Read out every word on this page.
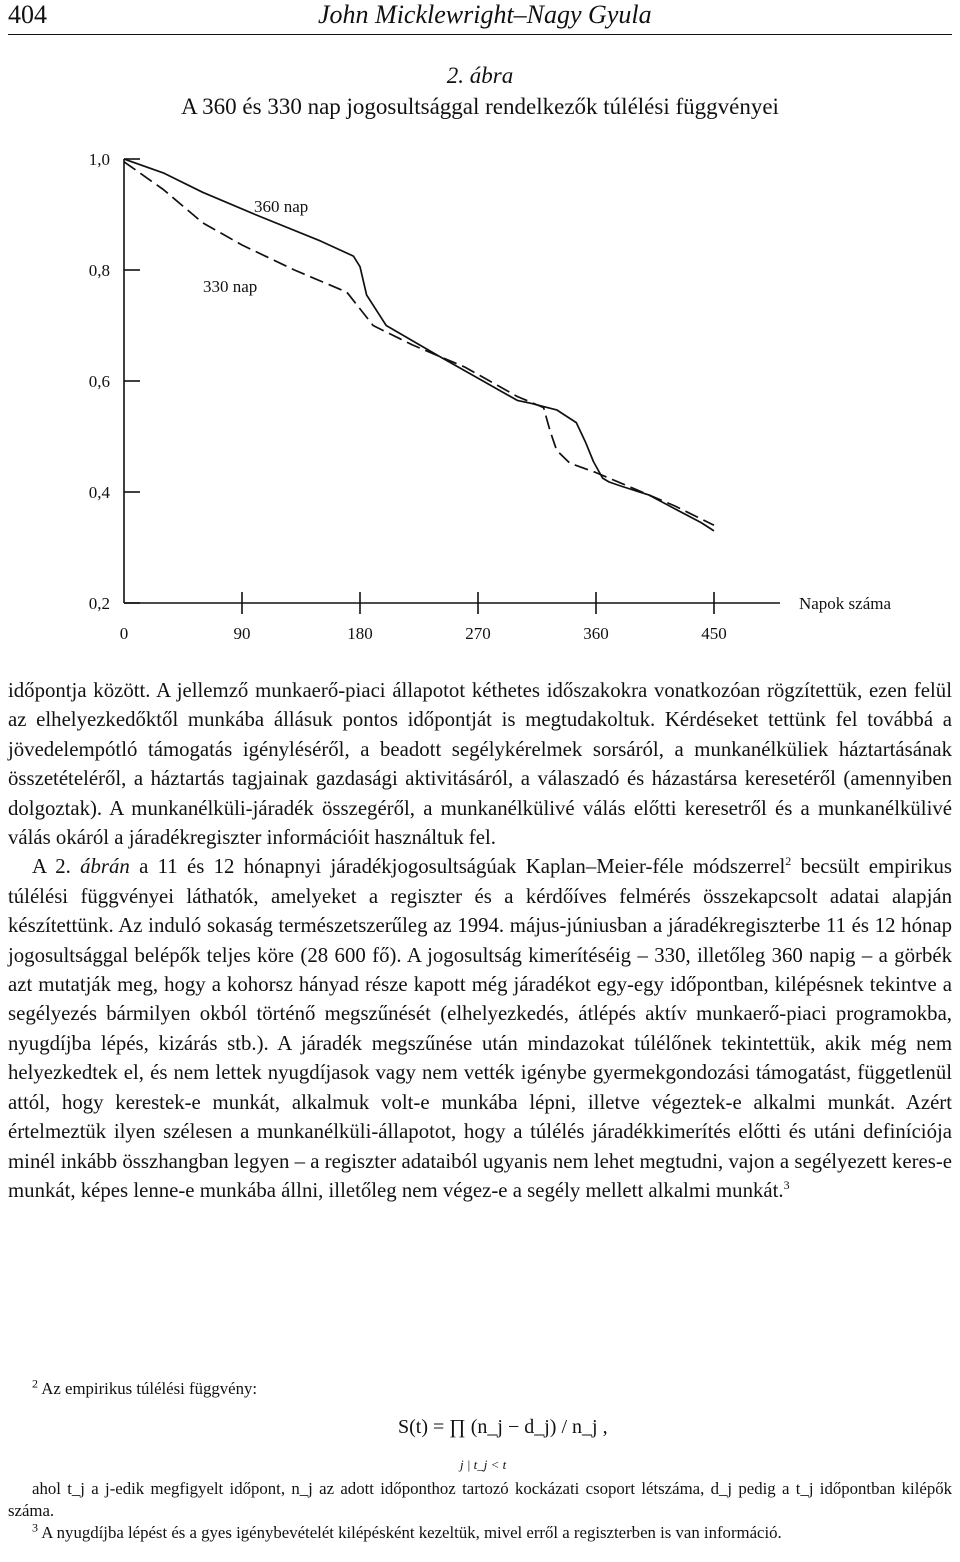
404	John Micklewright–Nagy Gyula
2. ábra
A 360 és 330 nap jogosultsággal rendelkezők túlélési függvényei
1,0
0,8
0,6
0,4
0,2
0	90	180	270	360	450
Napok száma
360 nap
330 nap

időpontja között. A jellemző munkaerő-piaci állapotot kéthetes időszakokra vonatkozóan rögzítettük, ezen felül az elhelyezkedőktől munkába állásuk pontos időpontját is megtudakoltuk. Kérdéseket tettünk fel továbbá a jövedelempótló támogatás igényléséről, a beadott segélykérelmek sorsáról, a munkanélküliek háztartásának összetételéről, a háztartás tagjainak gazdasági aktivitásáról, a válaszadó és házastársa keresetéről (amennyiben dolgoztak). A munkanélküli-járadék összegéről, a munkanélkülivé válás előtti keresetről és a munkanélkülivé válás okáról a járadékregiszter információit használtuk fel.

A 2. ábrán a 11 és 12 hónapnyi járadékjogosultságúak Kaplan–Meier-féle módszerrel$^2$ becsült empirikus túlélési függvényei láthatók, amelyeket a regiszter és a kérdőíves felmérés összekapcsolt adatai alapján készítettünk. Az induló sokaság természetszerűleg az 1994. május-júniusban a járadékregiszterbe 11 és 12 hónap jogosultsággal belépők teljes köre (28 600 fő). A jogosultság kimerítéséig – 330, illetőleg 360 napig – a görbék azt mutatják meg, hogy a kohorsz hányad része kapott még járadékot egy-egy időpontban, kilépésnek tekintve a segélyezés bármilyen okból történő megszűnését (elhelyezkedés, átlépés aktív munkaerő-piaci programokba, nyugdíjba lépés, kizárás stb.). A járadék megszűnése után mindazokat túlélőnek tekintettük, akik még nem helyezkedtek el, és nem lettek nyugdíjasok vagy nem vették igénybe gyermekgondozási támogatást, függetlenül attól, hogy kerestek-e munkát, alkalmuk volt-e munkába lépni, illetve végeztek-e alkalmi munkát. Azért értelmeztük ilyen szélesen a munkanélküli-állapotot, hogy a túlélés járadékkimerítés előtti és utáni definíciója minél inkább összhangban legyen – a regiszter adataiból ugyanis nem lehet megtudni, vajon a segélyezett keres-e munkát, képes lenne-e munkába állni, illetőleg nem végez-e a segély mellett alkalmi munkát.$^3$

$^2$ Az empirikus túlélési függvény:

S(t) = ∏ (n_j − d_j) / n_j ,
j | t_j < t

ahol t_j a j-edik megfigyelt időpont, n_j az adott időponthoz tartozó kockázati csoport létszáma, d_j pedig a t_j időpontban kilépők száma.

$^3$ A nyugdíjba lépést és a gyes igénybevételét kilépésként kezeltük, mivel erről a regiszterben is van információ.
